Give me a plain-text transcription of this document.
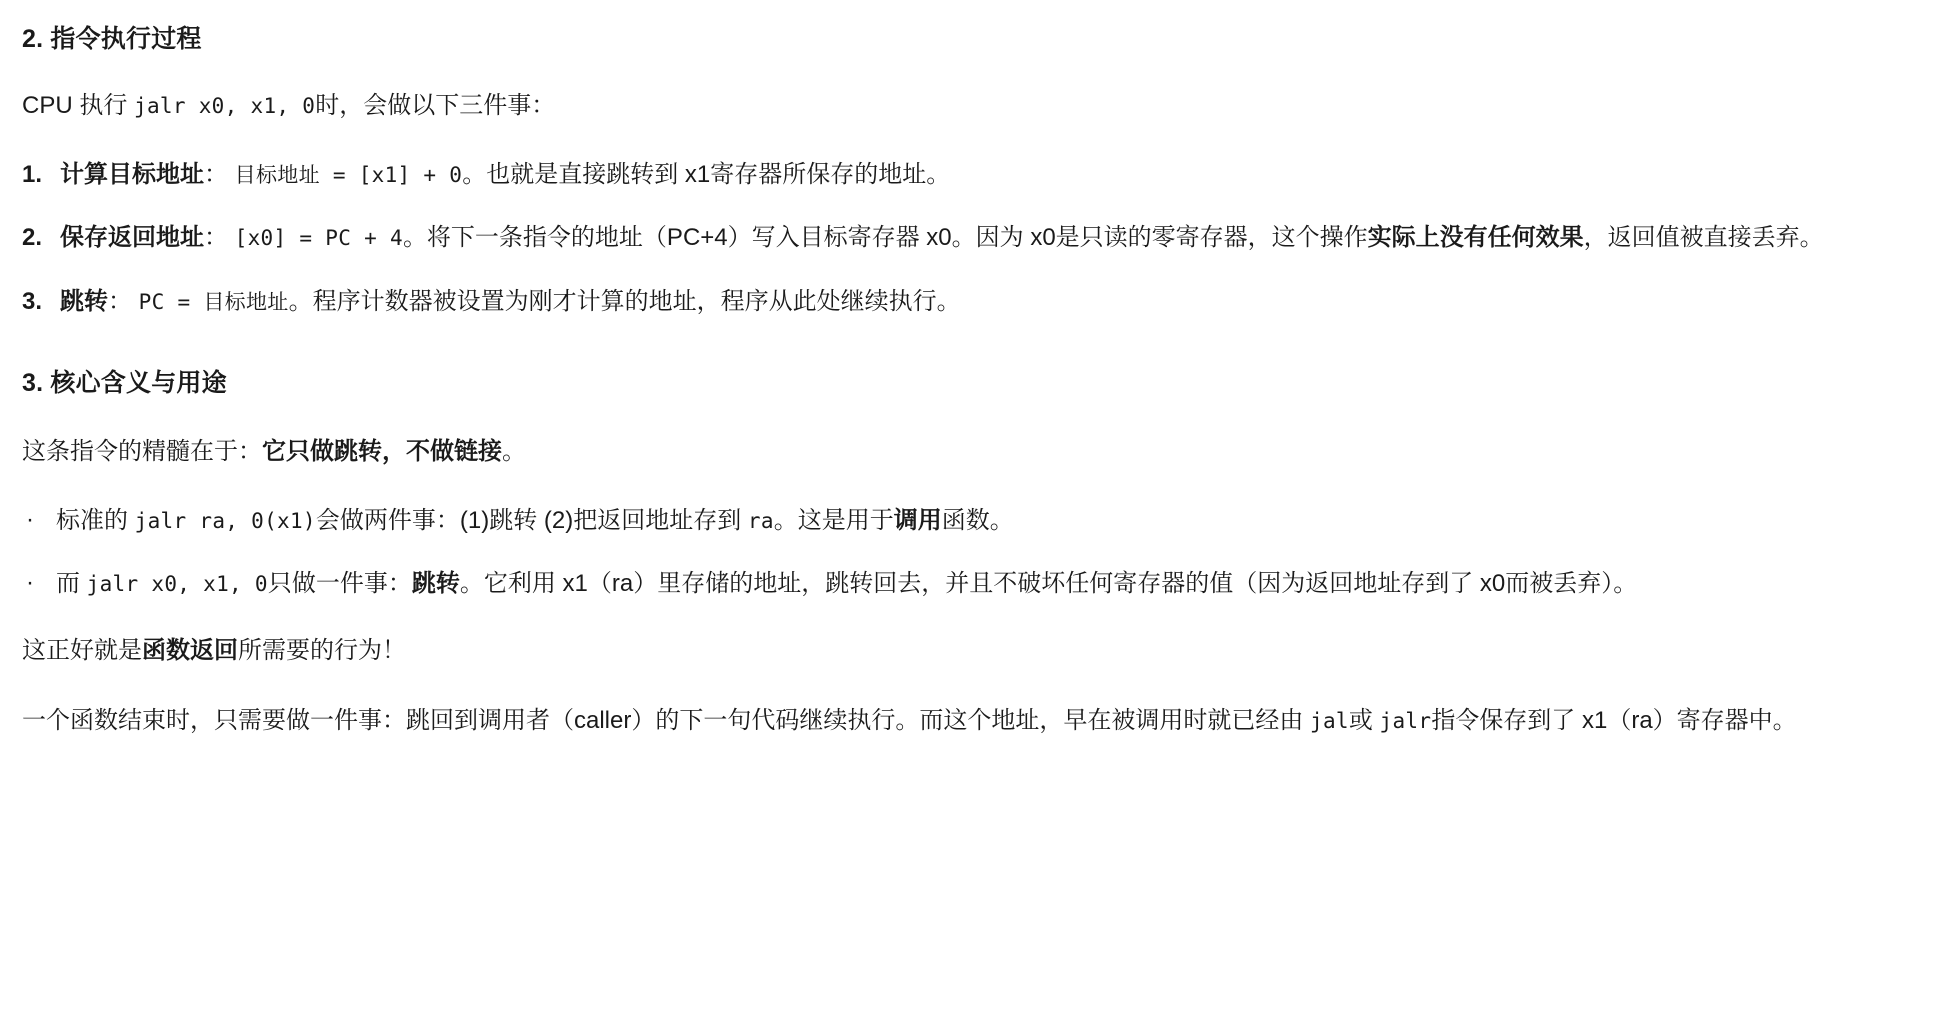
2. 指令执行过程

CPU 执行 jalr x0, x1, 0时，会做以下三件事：

计算目标地址： 目标地址 = [x1] + 0。也就是直接跳转到 x1寄存器所保存的地址。
保存返回地址： [x0] = PC + 4。将下一条指令的地址（PC+4）写入目标寄存器 x0。因为 x0是只读的零寄存器，这个操作实际上没有任何效果，返回值被直接丢弃。
跳转： PC = 目标地址。程序计数器被设置为刚才计算的地址，程序从此处继续执行。
3. 核心含义与用途

这条指令的精髓在于：它只做跳转，不做链接。

· 标准的 jalr ra, 0(x1)会做两件事：(1)跳转 (2)把返回地址存到 ra。这是用于调用函数。
· 而 jalr x0, x1, 0只做一件事：跳转。它利用 x1（ra）里存储的地址，跳转回去，并且不破坏任何寄存器的值（因为返回地址存到了 x0而被丢弃）。

这正好就是函数返回所需要的行为！

一个函数结束时，只需要做一件事：跳回到调用者（caller）的下一句代码继续执行。而这个地址，早在被调用时就已经由 jal或 jalr指令保存到了 x1（ra）寄存器中。
